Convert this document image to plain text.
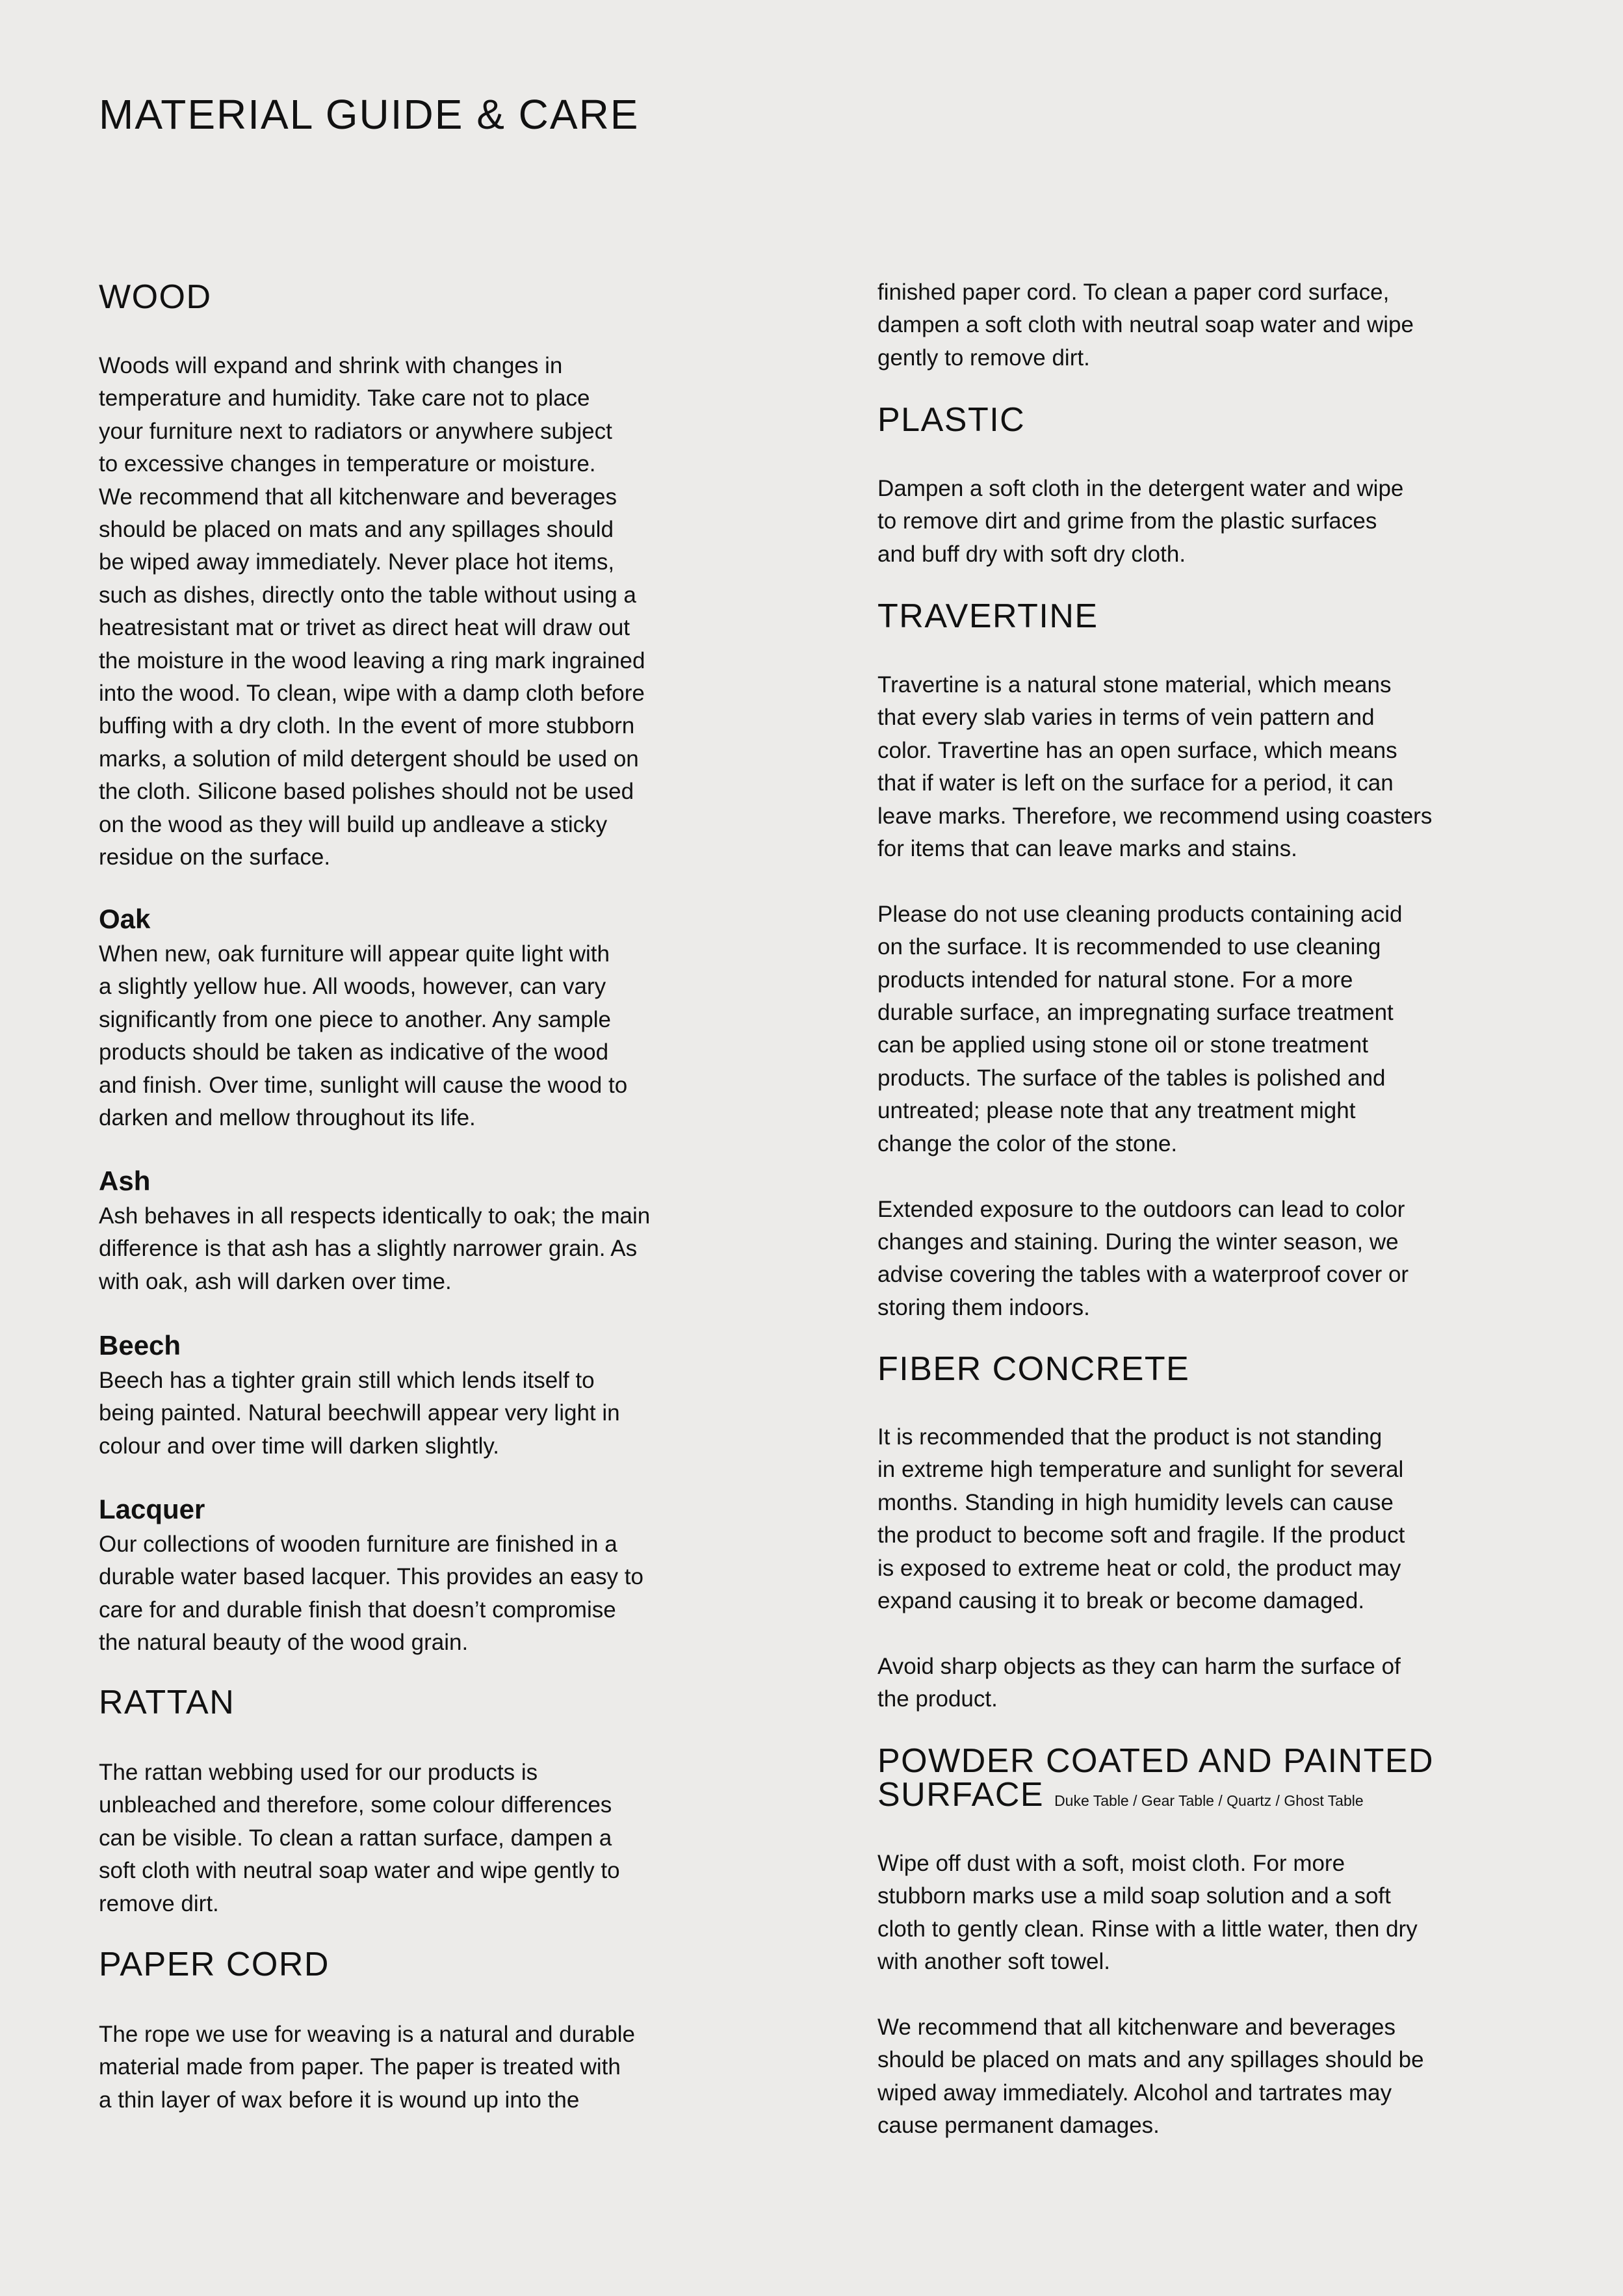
MATERIAL GUIDE & CARE
WOOD
Woods will expand and shrink with changes in
temperature and humidity. Take care not to place
your furniture next to radiators or anywhere subject
to excessive changes in temperature or moisture.
We recommend that all kitchenware and beverages
should be placed on mats and any spillages should
be wiped away immediately. Never place hot items,
such as dishes, directly onto the table without using a
heatresistant mat or trivet as direct heat will draw out
the moisture in the wood leaving a ring mark ingrained
into the wood. To clean, wipe with a damp cloth before
buffing with a dry cloth. In the event of more stubborn
marks, a solution of mild detergent should be used on
the cloth. Silicone based polishes should not be used
on the wood as they will build up andleave a sticky
residue on the surface.
Oak
When new, oak furniture will appear quite light with
a slightly yellow hue. All woods, however, can vary
significantly from one piece to another. Any sample
products should be taken as indicative of the wood
and finish. Over time, sunlight will cause the wood to
darken and mellow throughout its life.
Ash
Ash behaves in all respects identically to oak; the main
difference is that ash has a slightly narrower grain. As
with oak, ash will darken over time.
Beech
Beech has a tighter grain still which lends itself to
being painted. Natural beechwill appear very light in
colour and over time will darken slightly.
Lacquer
Our collections of wooden furniture are finished in a
durable water based lacquer. This provides an easy to
care for and durable finish that doesn’t compromise
the natural beauty of the wood grain.
RATTAN
The rattan webbing used for our products is
unbleached and therefore, some colour differences
can be visible. To clean a rattan surface, dampen a
soft cloth with neutral soap water and wipe gently to
remove dirt.
PAPER CORD
The rope we use for weaving is a natural and durable
material made from paper. The paper is treated with
a thin layer of wax before it is wound up into the
finished paper cord. To clean a paper cord surface,
dampen a soft cloth with neutral soap water and wipe
gently to remove dirt.
PLASTIC
Dampen a soft cloth in the detergent water and wipe
to remove dirt and grime from the plastic surfaces
and buff dry with soft dry cloth.
TRAVERTINE
Travertine is a natural stone material, which means
that every slab varies in terms of vein pattern and
color. Travertine has an open surface, which means
that if water is left on the surface for a period, it can
leave marks. Therefore, we recommend using coasters
for items that can leave marks and stains.

Please do not use cleaning products containing acid
on the surface. It is recommended to use cleaning
products intended for natural stone. For a more
durable surface, an impregnating surface treatment
can be applied using stone oil or stone treatment
products. The surface of the tables is polished and
untreated; please note that any treatment might
change the color of the stone.

Extended exposure to the outdoors can lead to color
changes and staining. During the winter season, we
advise covering the tables with a waterproof cover or
storing them indoors.
FIBER CONCRETE
It is recommended that the product is not standing
in extreme high temperature and sunlight for several
months. Standing in high humidity levels can cause
the product to become soft and fragile. If the product
is exposed to extreme heat or cold, the product may
expand causing it to break or become damaged.

Avoid sharp objects as they can harm the surface of
the product.
POWDER COATED AND PAINTED
SURFACE Duke Table / Gear Table / Quartz / Ghost Table
Wipe off dust with a soft, moist cloth. For more
stubborn marks use a mild soap solution and a soft
cloth to gently clean. Rinse with a little water, then dry
with another soft towel.

We recommend that all kitchenware and beverages
should be placed on mats and any spillages should be
wiped away immediately. Alcohol and tartrates may
cause permanent damages.
